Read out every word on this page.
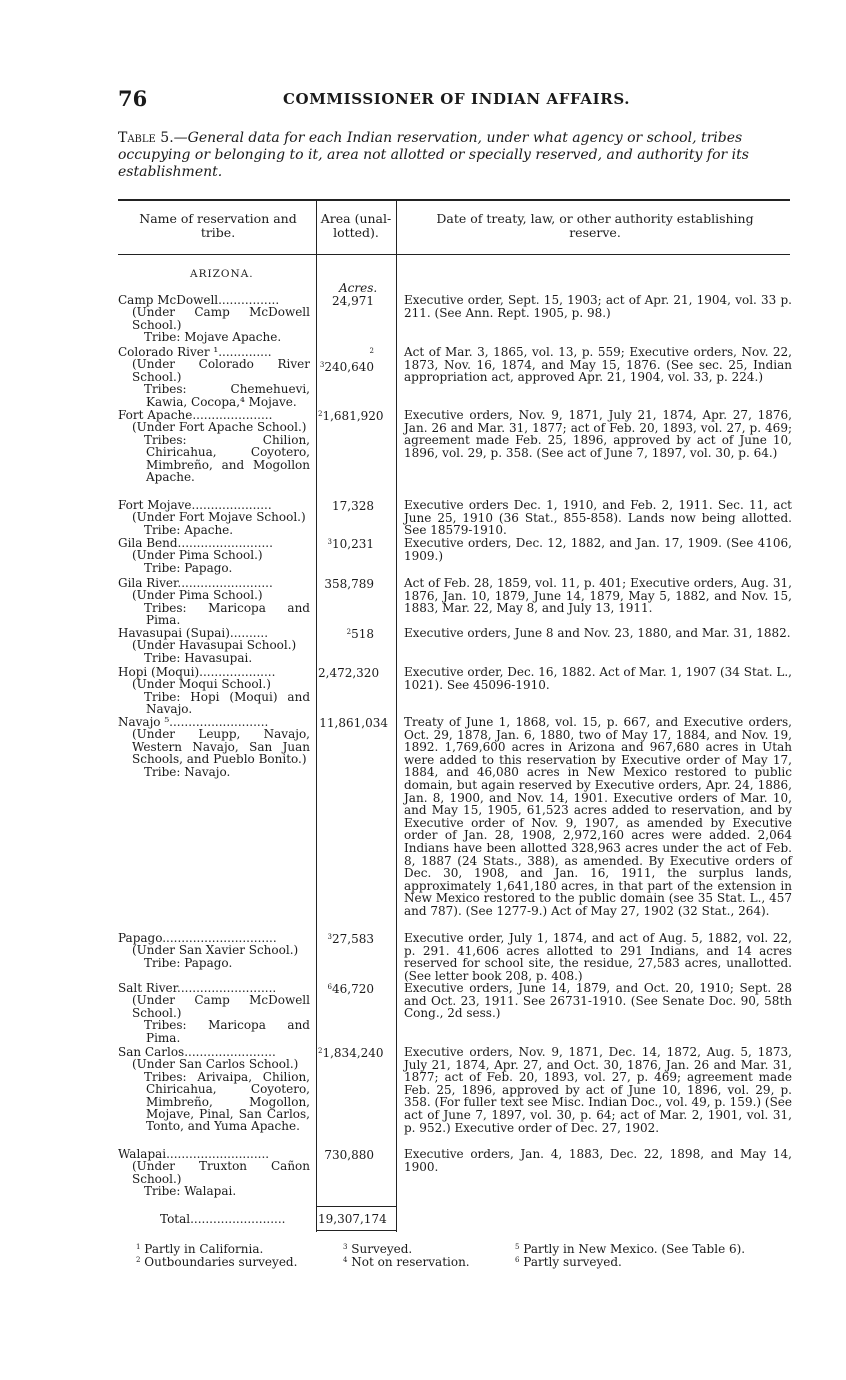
76	COMMISSIONER OF INDIAN AFFAIRS.
Table 5.—General data for each Indian reservation, under what agency or school, tribes occupying or belonging to it, area not allotted or specially reserved, and authority for its establishment.
Name of reservation and tribe.
Area (unal-lotted).
Date of treaty, law, or other authority establishing reserve.
ARIZONA.
Acres.
Camp McDowell................
(Under Camp McDowell School.)
Tribe: Mojave Apache.
24,971	Executive order, Sept. 15, 1903; act of Apr. 21, 1904, vol. 33 p. 211. (See Ann. Rept. 1905, p. 98.)
Colorado River ¹..............
(Under Colorado River School.)
Tribes: Chemehuevi, Kawia, Cocopa,⁴ Mojave.
$^{2 3}$240,640
Act of Mar. 3, 1865, vol. 13, p. 559; Executive orders, Nov. 22, 1873, Nov. 16, 1874, and May 15, 1876. (See sec. 25, Indian appropriation act, approved Apr. 21, 1904, vol. 33, p. 224.)
Fort Apache.....................
(Under Fort Apache School.)
Tribes: Chilion, Chiricahua, Coyotero, Mimbreño, and Mogollon Apache.
$^2$1,681,920 Executive orders, Nov. 9, 1871, July 21, 1874, Apr. 27, 1876, Jan. 26 and Mar. 31, 1877; act of Feb. 20, 1893, vol. 27, p. 469; agreement made Feb. 25, 1896, approved by act of June 10, 1896, vol. 29, p. 358. (See act of June 7, 1897, vol. 30, p. 64.)
Fort Mojave.....................
(Under Fort Mojave School.)
Tribe: Apache.
17,328	Executive orders Dec. 1, 1910, and Feb. 2, 1911. Sec. 11, act June 25, 1910 (36 Stat., 855-858). Lands now being allotted. See 18579-1910.
Gila Bend.........................
(Under Pima School.)
Tribe: Papago.
$^3$10,231	Executive orders, Dec. 12, 1882, and Jan. 17, 1909. (See 4106, 1909.)
Gila River.........................
(Under Pima School.)
Tribes: Maricopa and Pima.
358,789	Act of Feb. 28, 1859, vol. 11, p. 401; Executive orders, Aug. 31, 1876, Jan. 10, 1879, June 14, 1879, May 5, 1882, and Nov. 15, 1883, Mar. 22, May 8, and July 13, 1911.
Havasupai (Supai)..........
(Under Havasupai School.)
Tribe: Havasupai.
$^2$518	Executive orders, June 8 and Nov. 23, 1880, and Mar. 31, 1882.
Hopi (Moqui)....................
(Under Moqui School.)
Tribe: Hopi (Moqui) and Navajo.
2,472,320 Executive order, Dec. 16, 1882. Act of Mar. 1, 1907 (34 Stat. L., 1021). See 45096-1910.
Navajo ⁵..........................
(Under Leupp, Navajo, Western Navajo, San Juan Schools, and Pueblo Bonito.)
Tribe: Navajo.
11,861,034 Treaty of June 1, 1868, vol. 15, p. 667, and Executive orders, Oct. 29, 1878, Jan. 6, 1880, two of May 17, 1884, and Nov. 19, 1892. 1,769,600 acres in Arizona and 967,680 acres in Utah were added to this reservation by Executive order of May 17, 1884, and 46,080 acres in New Mexico restored to public domain, but again reserved by Executive orders, Apr. 24, 1886, Jan. 8, 1900, and Nov. 14, 1901. Executive orders of Mar. 10, and May 15, 1905, 61,523 acres added to reservation, and by Executive order of Nov. 9, 1907, as amended by Executive order of Jan. 28, 1908, 2,972,160 acres were added. 2,064 Indians have been allotted 328,963 acres under the act of Feb. 8, 1887 (24 Stats., 388), as amended. By Executive orders of Dec. 30, 1908, and Jan. 16, 1911, the surplus lands, approximately 1,641,180 acres, in that part of the extension in New Mexico restored to the public domain (see 35 Stat. L., 457 and 787). (See 1277-9.) Act of May 27, 1902 (32 Stat., 264).
Papago..............................
(Under San Xavier School.)
Tribe: Papago.
$^3$27,583	Executive order, July 1, 1874, and act of Aug. 5, 1882, vol. 22, p. 291. 41,606 acres allotted to 291 Indians, and 14 acres reserved for school site, the residue, 27,583 acres, unallotted. (See letter book 208, p. 408.)
Salt River..........................
(Under Camp McDowell School.)
Tribes: Maricopa and Pima.
$^6$46,720	Executive orders, June 14, 1879, and Oct. 20, 1910; Sept. 28 and Oct. 23, 1911. See 26731-1910. (See Senate Doc. 90, 58th Cong., 2d sess.)
San Carlos........................
(Under San Carlos School.)
Tribes: Arivaipa, Chilion, Chiricahua, Coyotero, Mimbreño, Mogollon, Mojave, Pinal, San Carlos, Tonto, and Yuma Apache.
$^2$1,834,240 Executive orders, Nov. 9, 1871, Dec. 14, 1872, Aug. 5, 1873, July 21, 1874, Apr. 27, and Oct. 30, 1876, Jan. 26 and Mar. 31, 1877; act of Feb. 20, 1893, vol. 27, p. 469; agreement made Feb. 25, 1896, approved by act of June 10, 1896, vol. 29, p. 358. (For fuller text see Misc. Indian Doc., vol. 49, p. 159.) (See act of June 7, 1897, vol. 30, p. 64; act of Mar. 2, 1901, vol. 31, p. 952.) Executive order of Dec. 27, 1902.
Walapai...........................
(Under Truxton Cañon School.)
Tribe: Walapai.
730,880	Executive orders, Jan. 4, 1883, Dec. 22, 1898, and May 14, 1900.
Total.........................	19,307,174
$^1$ Partly in California.
$^2$ Outboundaries surveyed.
$^3$ Surveyed.
$^4$ Not on reservation.
$^5$ Partly in New Mexico. (See Table 6).
$^6$ Partly surveyed.
